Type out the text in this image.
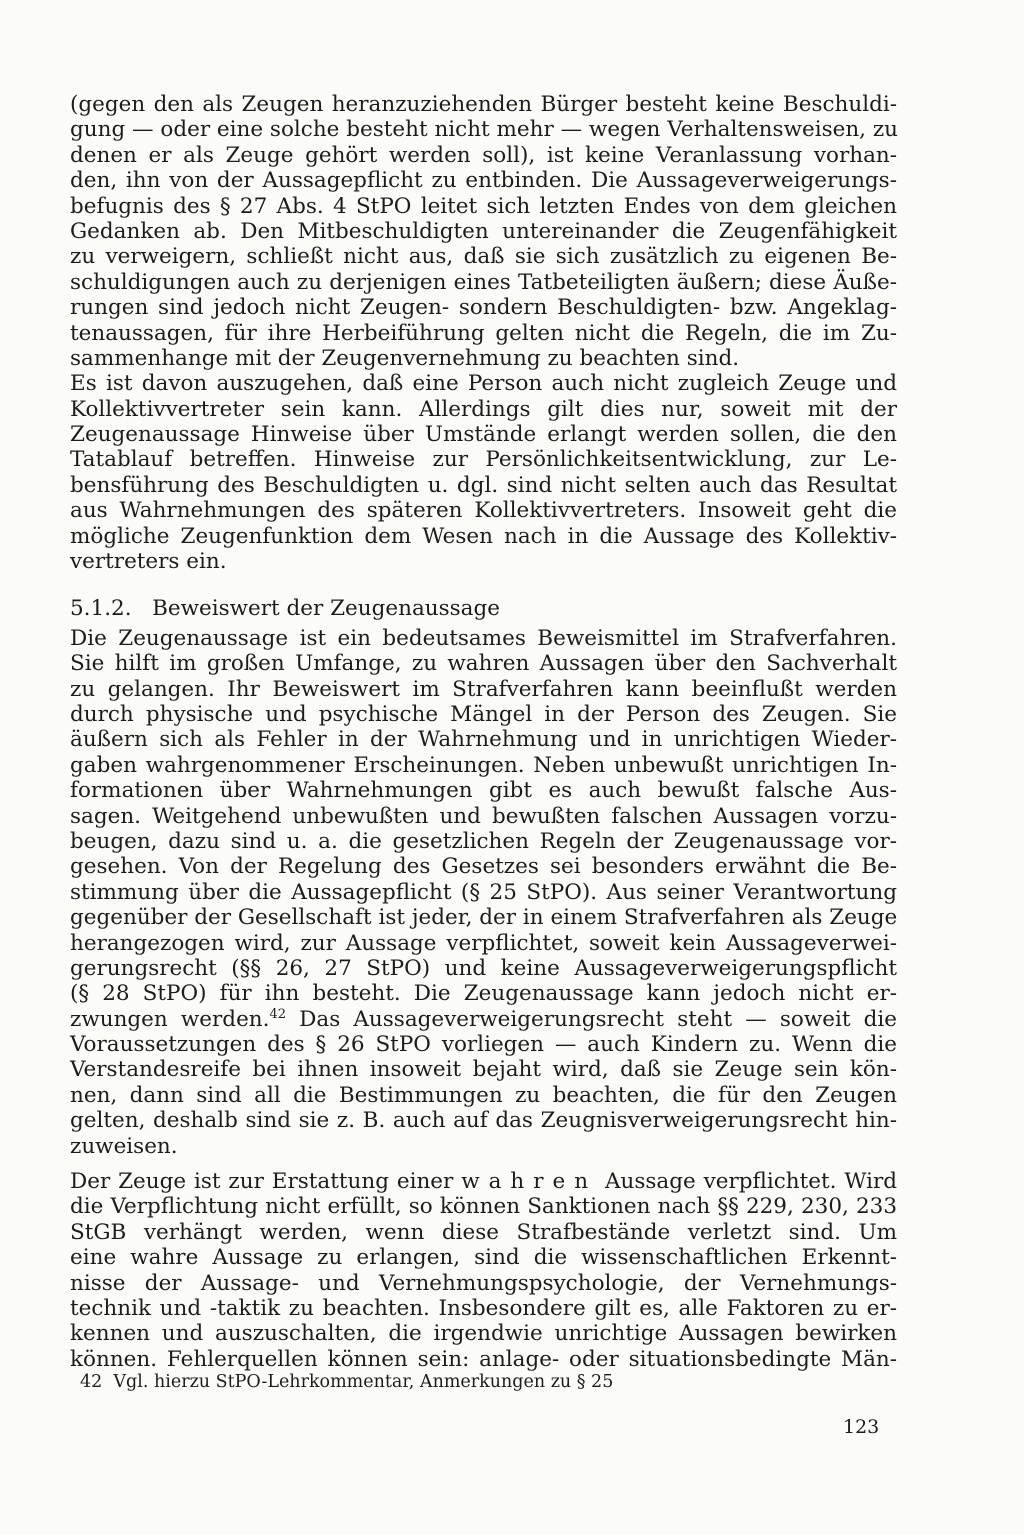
(gegen den als Zeugen heranzuziehenden Bürger besteht keine Beschuldi-
gung — oder eine solche besteht nicht mehr — wegen Verhaltensweisen, zu
denen er als Zeuge gehört werden soll), ist keine Veranlassung vorhan-
den, ihn von der Aussagepflicht zu entbinden. Die Aussageverweigerungs-
befugnis des § 27 Abs. 4 StPO leitet sich letzten Endes von dem gleichen
Gedanken ab. Den Mitbeschuldigten untereinander die Zeugenfähigkeit
zu verweigern, schließt nicht aus, daß sie sich zusätzlich zu eigenen Be-
schuldigungen auch zu derjenigen eines Tatbeteiligten äußern; diese Äuße-
rungen sind jedoch nicht Zeugen- sondern Beschuldigten- bzw. Angeklag-
tenaussagen, für ihre Herbeiführung gelten nicht die Regeln, die im Zu-
sammenhange mit der Zeugenvernehmung zu beachten sind.
Es ist davon auszugehen, daß eine Person auch nicht zugleich Zeuge und
Kollektivvertreter sein kann. Allerdings gilt dies nur, soweit mit der
Zeugenaussage Hinweise über Umstände erlangt werden sollen, die den
Tatablauf betreffen. Hinweise zur Persönlichkeitsentwicklung, zur Le-
bensführung des Beschuldigten u. dgl. sind nicht selten auch das Resultat
aus Wahrnehmungen des späteren Kollektivvertreters. Insoweit geht die
mögliche Zeugenfunktion dem Wesen nach in die Aussage des Kollektiv-
vertreters ein.
5.1.2. Beweiswert der Zeugenaussage
Die Zeugenaussage ist ein bedeutsames Beweismittel im Strafverfahren.
Sie hilft im großen Umfange, zu wahren Aussagen über den Sachverhalt
zu gelangen. Ihr Beweiswert im Strafverfahren kann beeinflußt werden
durch physische und psychische Mängel in der Person des Zeugen. Sie
äußern sich als Fehler in der Wahrnehmung und in unrichtigen Wieder-
gaben wahrgenommener Erscheinungen. Neben unbewußt unrichtigen In-
formationen über Wahrnehmungen gibt es auch bewußt falsche Aus-
sagen. Weitgehend unbewußten und bewußten falschen Aussagen vorzu-
beugen, dazu sind u. a. die gesetzlichen Regeln der Zeugenaussage vor-
gesehen. Von der Regelung des Gesetzes sei besonders erwähnt die Be-
stimmung über die Aussagepflicht (§ 25 StPO). Aus seiner Verantwortung
gegenüber der Gesellschaft ist jeder, der in einem Strafverfahren als Zeuge
herangezogen wird, zur Aussage verpflichtet, soweit kein Aussageverwei-
gerungsrecht (§§ 26, 27 StPO) und keine Aussageverweigerungspflicht
(§ 28 StPO) für ihn besteht. Die Zeugenaussage kann jedoch nicht er-
zwungen werden.$^{42}$ Das Aussageverweigerungsrecht steht — soweit die
Voraussetzungen des § 26 StPO vorliegen — auch Kindern zu. Wenn die
Verstandesreife bei ihnen insoweit bejaht wird, daß sie Zeuge sein kön-
nen, dann sind all die Bestimmungen zu beachten, die für den Zeugen
gelten, deshalb sind sie z. B. auch auf das Zeugnisverweigerungsrecht hin-
zuweisen.
Der Zeuge ist zur Erstattung einer wahren Aussage verpflichtet. Wird
die Verpflichtung nicht erfüllt, so können Sanktionen nach §§ 229, 230, 233
StGB verhängt werden, wenn diese Strafbestände verletzt sind. Um
eine wahre Aussage zu erlangen, sind die wissenschaftlichen Erkennt-
nisse der Aussage- und Vernehmungspsychologie, der Vernehmungs-
technik und -taktik zu beachten. Insbesondere gilt es, alle Faktoren zu er-
kennen und auszuschalten, die irgendwie unrichtige Aussagen bewirken
können. Fehlerquellen können sein: anlage- oder situationsbedingte Män-
42 Vgl. hierzu StPO-Lehrkommentar, Anmerkungen zu § 25
123
